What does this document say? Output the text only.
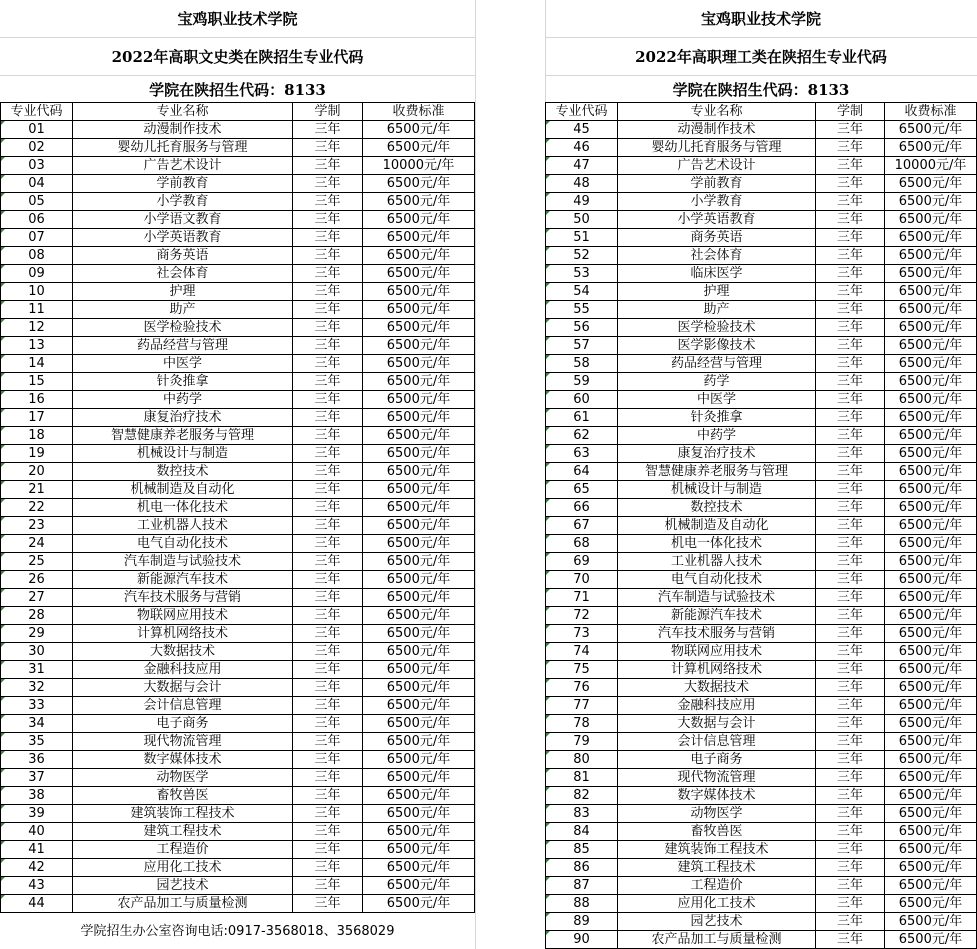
宝鸡职业技术学院
2022年高职文史类在陕招生专业代码
学院在陕招生代码：8133
专业代码	专业名称	学制	收费标准
01	动漫制作技术	三年	6500元/年
02	婴幼儿托育服务与管理	三年	6500元/年
03	广告艺术设计	三年	10000元/年
04	学前教育	三年	6500元/年
05	小学教育	三年	6500元/年
06	小学语文教育	三年	6500元/年
07	小学英语教育	三年	6500元/年
08	商务英语	三年	6500元/年
09	社会体育	三年	6500元/年
10	护理	三年	6500元/年
11	助产	三年	6500元/年
12	医学检验技术	三年	6500元/年
13	药品经营与管理	三年	6500元/年
14	中医学	三年	6500元/年
15	针灸推拿	三年	6500元/年
16	中药学	三年	6500元/年
17	康复治疗技术	三年	6500元/年
18	智慧健康养老服务与管理	三年	6500元/年
19	机械设计与制造	三年	6500元/年
20	数控技术	三年	6500元/年
21	机械制造及自动化	三年	6500元/年
22	机电一体化技术	三年	6500元/年
23	工业机器人技术	三年	6500元/年
24	电气自动化技术	三年	6500元/年
25	汽车制造与试验技术	三年	6500元/年
26	新能源汽车技术	三年	6500元/年
27	汽车技术服务与营销	三年	6500元/年
28	物联网应用技术	三年	6500元/年
29	计算机网络技术	三年	6500元/年
30	大数据技术	三年	6500元/年
31	金融科技应用	三年	6500元/年
32	大数据与会计	三年	6500元/年
33	会计信息管理	三年	6500元/年
34	电子商务	三年	6500元/年
35	现代物流管理	三年	6500元/年
36	数字媒体技术	三年	6500元/年
37	动物医学	三年	6500元/年
38	畜牧兽医	三年	6500元/年
39	建筑装饰工程技术	三年	6500元/年
40	建筑工程技术	三年	6500元/年
41	工程造价	三年	6500元/年
42	应用化工技术	三年	6500元/年
43	园艺技术	三年	6500元/年
44	农产品加工与质量检测	三年	6500元/年
学院招生办公室咨询电话:0917-3568018、3568029
宝鸡职业技术学院
2022年高职理工类在陕招生专业代码
学院在陕招生代码：8133
专业代码	专业名称	学制	收费标准
45	动漫制作技术	三年	6500元/年
46	婴幼儿托育服务与管理	三年	6500元/年
47	广告艺术设计	三年	10000元/年
48	学前教育	三年	6500元/年
49	小学教育	三年	6500元/年
50	小学英语教育	三年	6500元/年
51	商务英语	三年	6500元/年
52	社会体育	三年	6500元/年
53	临床医学	三年	6500元/年
54	护理	三年	6500元/年
55	助产	三年	6500元/年
56	医学检验技术	三年	6500元/年
57	医学影像技术	三年	6500元/年
58	药品经营与管理	三年	6500元/年
59	药学	三年	6500元/年
60	中医学	三年	6500元/年
61	针灸推拿	三年	6500元/年
62	中药学	三年	6500元/年
63	康复治疗技术	三年	6500元/年
64	智慧健康养老服务与管理	三年	6500元/年
65	机械设计与制造	三年	6500元/年
66	数控技术	三年	6500元/年
67	机械制造及自动化	三年	6500元/年
68	机电一体化技术	三年	6500元/年
69	工业机器人技术	三年	6500元/年
70	电气自动化技术	三年	6500元/年
71	汽车制造与试验技术	三年	6500元/年
72	新能源汽车技术	三年	6500元/年
73	汽车技术服务与营销	三年	6500元/年
74	物联网应用技术	三年	6500元/年
75	计算机网络技术	三年	6500元/年
76	大数据技术	三年	6500元/年
77	金融科技应用	三年	6500元/年
78	大数据与会计	三年	6500元/年
79	会计信息管理	三年	6500元/年
80	电子商务	三年	6500元/年
81	现代物流管理	三年	6500元/年
82	数字媒体技术	三年	6500元/年
83	动物医学	三年	6500元/年
84	畜牧兽医	三年	6500元/年
85	建筑装饰工程技术	三年	6500元/年
86	建筑工程技术	三年	6500元/年
87	工程造价	三年	6500元/年
88	应用化工技术	三年	6500元/年
89	园艺技术	三年	6500元/年
90	农产品加工与质量检测	三年	6500元/年
